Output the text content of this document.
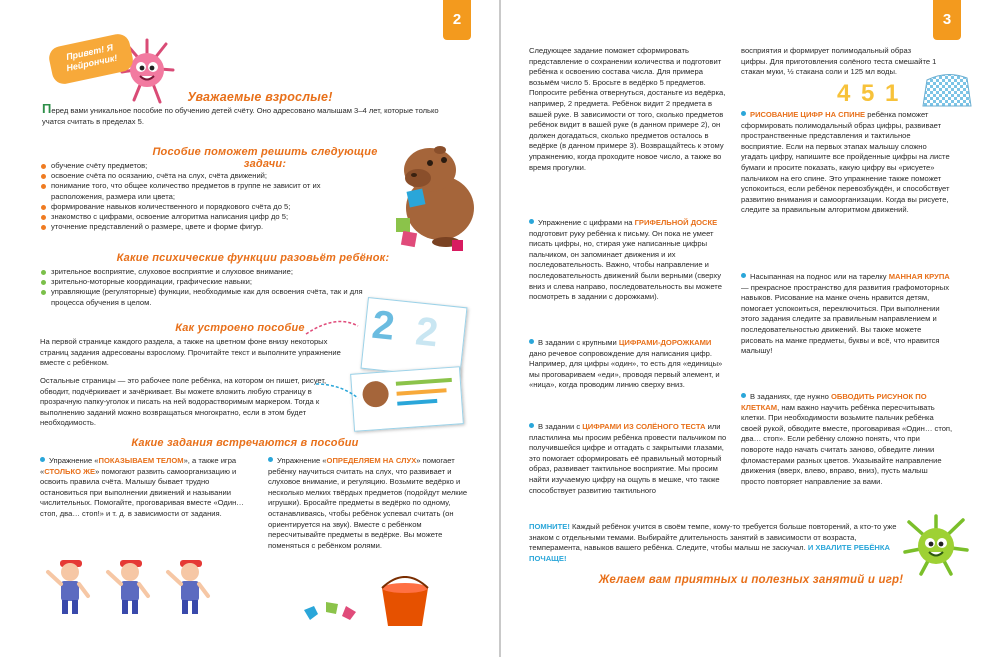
2
Привет! Я Нейрончик!
Уважаемые взрослые!
Перед вами уникальное пособие по обучению детей счёту. Оно адресовано малышам 3–4 лет, которые только учатся считать в пределах 5.
Пособие поможет решить следующие задачи:
обучение счёту предметов;
освоение счёта по осязанию, счёта на слух, счёта движений;
понимание того, что общее количество предметов в группе не зависит от их расположения, размера или цвета;
формирование навыков количественного и порядкового счёта до 5;
знакомство с цифрами, освоение алгоритма написания цифр до 5;
уточнение представлений о размере, цвете и форме фигур.
Какие психические функции разовьёт ребёнок:
зрительное восприятие, слуховое восприятие и слуховое внимание;
зрительно-моторные координации, графические навыки;
управляющие (регуляторные) функции, необходимые как для освоения счёта, так и для процесса обучения в целом.
Как устроено пособие
На первой странице каждого раздела, а также на цветном фоне внизу некоторых страниц задания адресованы взрослому. Прочитайте текст и выполните упражнение вместе с ребёнком.
Остальные страницы — это рабочее поле ребёнка, на котором он пишет, рисует, обводит, подчёркивает и зачёркивает. Вы можете вложить любую страницу в прозрачную папку-уголок и писать на ней водорастворимым маркером. Тогда к выполнению заданий можно возвращаться многократно, если в этом будет необходимость.
2 2
Какие задания встречаются в пособии
Упражнение «ПОКАЗЫВАЕМ ТЕЛОМ», а также игра «СТОЛЬКО ЖЕ» помогают развить самоорганизацию и освоить правила счёта. Малышу бывает трудно остановиться при выполнении движений и назывании числительных. Помогайте, проговаривая вместе «Один… стоп, два… стоп!» и т. д. в зависимости от задания.
Упражнение «ОПРЕДЕЛЯЕМ НА СЛУХ» помогает ребёнку научиться считать на слух, что развивает и слуховое внимание, и регуляцию. Возьмите ведёрко и несколько мелких твёрдых предметов (подойдут мелкие игрушки). Бросайте предметы в ведёрко по одному, останавливаясь, чтобы ребёнок успевал считать (он ориентируется на звук). Вместе с ребёнком пересчитывайте предметы в ведёрке. Вы можете поменяться с ребёнком ролями.
3
Следующее задание поможет сформировать представление о сохранении количества и подготовит ребёнка к освоению состава числа. Для примера возьмём число 5. Бросьте в ведёрко 5 предметов. Попросите ребёнка отвернуться, достаньте из ведёрка, например, 2 предмета. Ребёнок видит 2 предмета в вашей руке. В зависимости от того, сколько предметов ребёнок видит в вашей руке (в данном примере 2), он должен догадаться, сколько предметов осталось в ведёрке (в данном примере 3). Возвращайтесь к этому упражнению, когда проходите новое число, а также во время прогулки.
Упражнение с цифрами на ГРИФЕЛЬНОЙ ДОСКЕ подготовит руку ребёнка к письму. Он пока не умеет писать цифры, но, стирая уже написанные цифры пальчиком, он запоминает движения и их последовательность. Важно, чтобы направление и последовательность движений были верными (сверху вниз и слева направо, последовательность вы можете посмотреть в задании с дорожками).
В задании с крупными ЦИФРАМИ-ДОРОЖКАМИ дано речевое сопровождение для написания цифр. Например, для цифры «один», то есть для «единицы» мы проговариваем «еди», проводя первый элемент, и «ница», когда проводим линию сверху вниз.
В задании с ЦИФРАМИ ИЗ СОЛЁНОГО ТЕСТА или пластилина мы просим ребёнка провести пальчиком по получившейся цифре и отгадать с закрытыми глазами, это помогает сформировать её правильный моторный образ, развивает тактильное восприятие. Мы просим найти изучаемую цифру на ощупь в мешке, что также способствует развитию тактильного
восприятия и формирует полимодальный образ цифры. Для приготовления солёного теста смешайте 1 стакан муки, ½ стакана соли и 125 мл воды.
4 5 1
РИСОВАНИЕ ЦИФР НА СПИНЕ ребёнка поможет сформировать полимодальный образ цифры, развивает пространственные представления и тактильное восприятие. Если на первых этапах малышу сложно угадать цифру, напишите все пройденные цифры на листе бумаги и просите показать, какую цифру вы «рисуете» пальчиком на его спине. Это упражнение также поможет успокоиться, если ребёнок перевозбуждён, и способствует развитию внимания и самоорганизации. Когда вы рисуете, следите за правильным алгоритмом движений.
Насыпанная на поднос или на тарелку МАННАЯ КРУПА — прекрасное пространство для развития графомоторных навыков. Рисование на манке очень нравится детям, помогает успокоиться, переключиться. При выполнении этого задания следите за правильным направлением и последовательностью движений. Вы также можете рисовать на манке предметы, буквы и всё, что нравится малышу!
В заданиях, где нужно ОБВОДИТЬ РИСУНОК ПО КЛЕТКАМ, нам важно научить ребёнка пересчитывать клетки. При необходимости возьмите пальчик ребёнка своей рукой, обводите вместе, проговаривая «Один… стоп, два… стоп». Если ребёнку сложно понять, что при повороте надо начать считать заново, обведите линии фломастерами разных цветов. Указывайте направление движения (вверх, влево, вправо, вниз), пусть малыш просто повторяет направление за вами.
ПОМНИТЕ! Каждый ребёнок учится в своём темпе, кому-то требуется больше повторений, а кто-то уже знаком с отдельными темами. Выбирайте длительность занятий в зависимости от возраста, темперамента, навыков вашего ребёнка. Следите, чтобы малыш не заскучал. И ХВАЛИТЕ РЕБЁНКА ПОЧАЩЕ!
Желаем вам приятных и полезных занятий и игр!
